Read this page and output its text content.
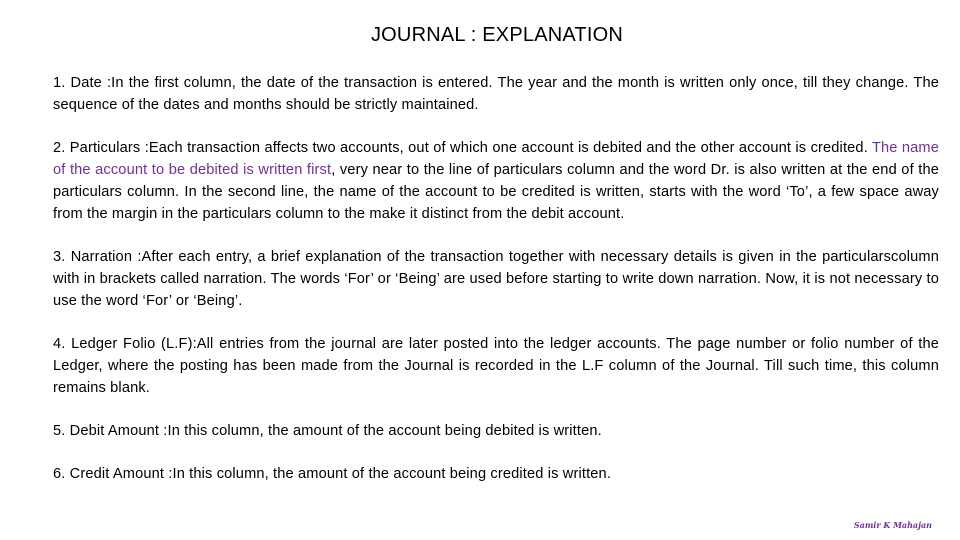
JOURNAL : EXPLANATION

1. Date :In the first column, the date of the transaction is entered. The year and the month is written only once, till they change. The sequence of the dates and months should be strictly maintained.

2. Particulars :Each transaction affects two accounts, out of which one account is debited and the other account is credited. The name of the account to be debited is written first, very near to the line of particulars column and the word Dr. is also written at the end of the particulars column. In the second line, the name of the account to be credited is written, starts with the word ‘To’, a few space away from the margin in the particulars column to the make it distinct from the debit account.

3. Narration :After each entry, a brief explanation of the transaction together with necessary details is given in the particularscolumn with in brackets called narration. The words ‘For’ or ‘Being’ are used before starting to write down narration. Now, it is not necessary to use the word ‘For’ or ‘Being’.

4. Ledger Folio (L.F):All entries from the journal are later posted into the ledger accounts. The page number or folio number of the Ledger, where the posting has been made from the Journal is recorded in the L.F column of the Journal. Till such time, this column remains blank.

5. Debit Amount :In this column, the amount of the account being debited is written.

6. Credit Amount :In this column, the amount of the account being credited is written.

Samir K Mahajan
